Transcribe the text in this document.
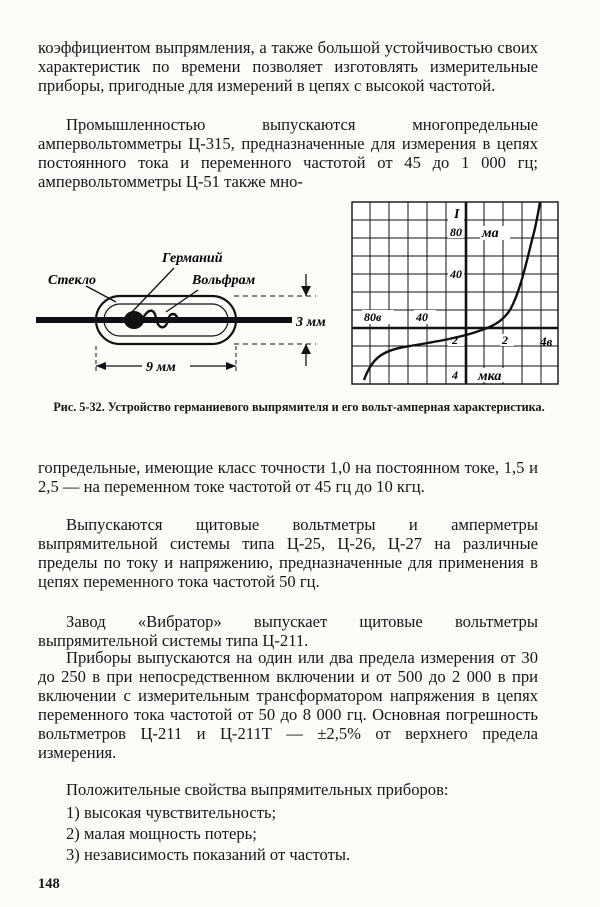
коэффициентом выпрямления, а также большой устойчивостью своих характеристик по времени позволяет изготовлять измерительные приборы, пригодные для измерений в цепях с высокой частотой.

Промышленностью выпускаются многопредельные ампервольтомметры Ц-315, предназначенные для измерения в цепях постоянного тока и переменного частотой от 45 до 1 000 гц; ампервольтомметры Ц-51 также мно-

Стекло
Германий
Вольфрам
3 мм
9 мм
I
80 ма
40
80в	40
2	2 4в
4 мка

Рис. 5-32. Устройство германиевого выпрямителя и его вольт-амперная характеристика.

гопредельные, имеющие класс точности 1,0 на постоянном токе, 1,5 и 2,5 — на переменном токе частотой от 45 гц до 10 кгц.

Выпускаются щитовые вольтметры и амперметры выпрямительной системы типа Ц-25, Ц-26, Ц-27 на различные пределы по току и напряжению, предназначенные для применения в цепях переменного тока частотой 50 гц.

Завод «Вибратор» выпускает щитовые вольтметры выпрямительной системы типа Ц-211.

Приборы выпускаются на один или два предела измерения от 30 до 250 в при непосредственном включении и от 500 до 2 000 в при включении с измерительным трансформатором напряжения в цепях переменного тока частотой от 50 до 8 000 гц. Основная погрешность вольтметров Ц-211 и Ц-211Т — ±2,5% от верхнего предела измерения.

Положительные свойства выпрямительных приборов:

1) высокая чувствительность;

2) малая мощность потерь;

3) независимость показаний от частоты.

148
